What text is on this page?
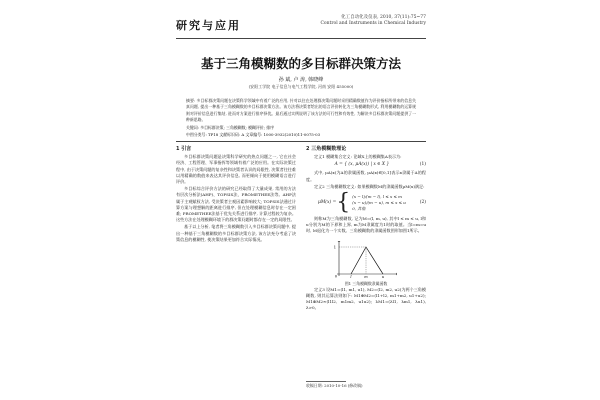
研究与应用
化工自动化及仪表, 2010, 37(11):75~77
Control and Instruments in Chemical Industry
基于三角模糊数的多目标群决策方法
孙 斌, 卢 涛, 韩晓峰
(安阳工学院 电子信息与电气工程学院, 河南 安阳 455000)
摘要: 多目标群决策问题在决策科学领域中有着广泛的应用, 针对以往在处理群决策问题时采用精确数值作为评价指标所带来的信息失真问题, 提出一种基于三角模糊数的多目标群决策方法。该方法将决策者给出的语言评价转化为三角模糊数形式, 利用模糊数的运算规则对评价信息进行集结, 进而对方案进行排序择优。最后通过实例说明了该方法的可行性和有效性, 为解决多目标群决策问题提供了一种新思路。
关键词: 多目标群决策; 三角模糊数; 模糊评价; 排序
中图分类号: TP18 文献标识码: A 文章编号: 1000-3932(2010)11-0075-03
1 引言

多目标群决策问题是决策科学研究的热点问题之一, 它在社会经济、工程管理、军事指挥等领域有着广泛的应用。在实际决策过程中, 由于决策问题的复杂性和决策者认识的局限性, 决策者往往难以用精确的数值来表达其评价信息, 而更倾向于使用模糊语言进行评价。

多目标综合评价方法的研究已经取得了大量成果, 常用的方法有层次分析法(AHP)、TOPSIS法、PROMETHEE法等。AHP法属于主观赋权方法, 受决策者主观因素影响较大; TOPSIS法通过计算方案与理想解的距离进行排序, 但在处理模糊信息时存在一定困难; PROMETHEE法基于优先关系进行排序, 计算过程较为复杂。这些方法在处理模糊环境下的群决策问题时都存在一定的局限性。

基于以上分析, 笔者将三角模糊数引入多目标群决策问题中, 提出一种基于三角模糊数的多目标群决策方法, 该方法充分考虑了决策信息的模糊性, 使决策结果更加符合实际情况。

2 三角模糊数理论

定义1 模糊集合定义: 论域X上的模糊集A表示为:

A = { (x, μA(x)) | x ∈ X }	(1)

式中, μA(x)为A的隶属函数, μA(x)∈[0,1]表示x隶属于A的程度。

定义2 三角模糊数定义: 如果模糊数M的隶属函数μM(x)满足:

μM(x) = { (x − l)/(m − l), l ≤ x ≤ m
(x − u)/(m − u), m ≤ x ≤ u
0, 其他
(2)

则称M为三角模糊数, 记为M=(l, m, u), 其中l ≤ m ≤ u, l和u分别为M的下界和上界, m为M隶属度为1时的取值。当l=m=u时, M退化为一个实数。三角模糊数的隶属函数图形如图1所示。

1
0	l	m	u
图1 三角模糊数隶属函数

定义3 设M1=(l1, m1, u1), M2=(l2, m2, u2)为两个三角模糊数, 则其运算法则如下: M1⊕M2=(l1+l2, m1+m2, u1+u2); M1⊗M2≈(l1l2, m1m2, u1u2); λM1=(λl1, λm1, λu1), λ>0。

收稿日期: 2010-10-16 (修改稿)
